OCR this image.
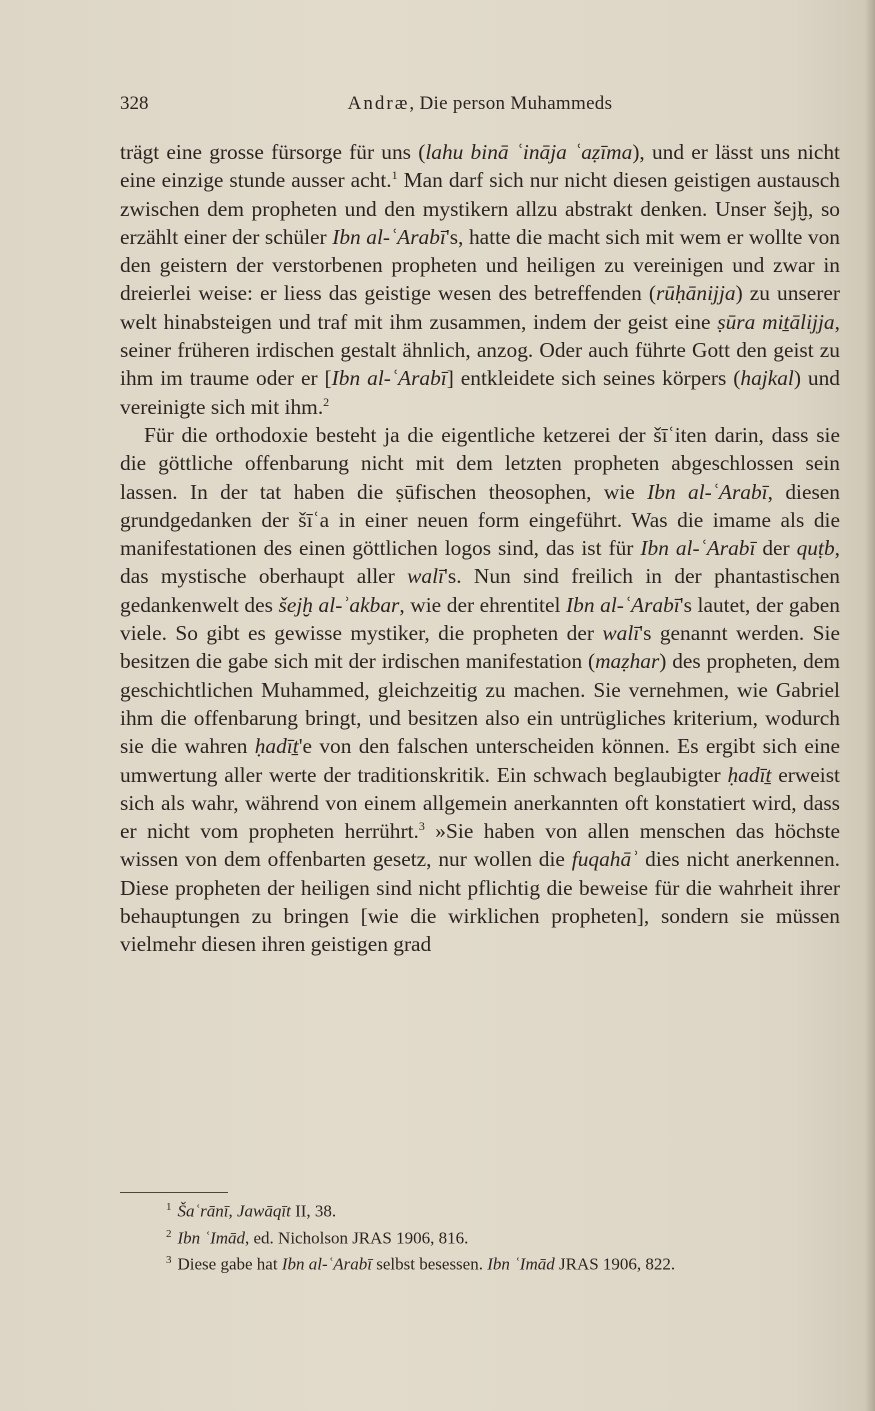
328	Andræ, Die person Muhammeds

trägt eine grosse fürsorge für uns (lahu binā ʿināja ʿaẓīma), und er lässt uns nicht eine einzige stunde ausser acht.$^1$ Man darf sich nur nicht diesen geistigen austausch zwischen dem propheten und den mystikern allzu abstrakt denken. Unser šejḫ, so erzählt einer der schüler Ibn al-ʿArabī's, hatte die macht sich mit wem er wollte von den geistern der verstorbenen propheten und heiligen zu vereinigen und zwar in dreierlei weise: er liess das geistige wesen des betreffenden (rūḥānijja) zu unserer welt hinabsteigen und traf mit ihm zusammen, indem der geist eine ṣūra miṯālijja, seiner früheren irdischen gestalt ähnlich, anzog. Oder auch führte Gott den geist zu ihm im traume oder er [Ibn al-ʿArabī] entkleidete sich seines körpers (hajkal) und vereinigte sich mit ihm.$^2$

Für die orthodoxie besteht ja die eigentliche ketzerei der šīʿiten darin, dass sie die göttliche offenbarung nicht mit dem letzten propheten abgeschlossen sein lassen. In der tat haben die ṣūfischen theosophen, wie Ibn al-ʿArabī, diesen grundgedanken der šīʿa in einer neuen form eingeführt. Was die imame als die manifestationen des einen göttlichen logos sind, das ist für Ibn al-ʿArabī der quṭb, das mystische oberhaupt aller walī's. Nun sind freilich in der phantastischen gedankenwelt des šejḫ al-ʾakbar, wie der ehrentitel Ibn al-ʿArabī's lautet, der gaben viele. So gibt es gewisse mystiker, die propheten der walī's genannt werden. Sie besitzen die gabe sich mit der irdischen manifestation (maẓhar) des propheten, dem geschichtlichen Muhammed, gleichzeitig zu machen. Sie vernehmen, wie Gabriel ihm die offenbarung bringt, und besitzen also ein untrügliches kriterium, wodurch sie die wahren ḥadīṯ'e von den falschen unterscheiden können. Es ergibt sich eine umwertung aller werte der traditionskritik. Ein schwach beglaubigter ḥadīṯ erweist sich als wahr, während von einem allgemein anerkannten oft konstatiert wird, dass er nicht vom propheten herrührt.$^3$ »Sie haben von allen menschen das höchste wissen von dem offenbarten gesetz, nur wollen die fuqahāʾ dies nicht anerkennen. Diese propheten der heiligen sind nicht pflichtig die beweise für die wahrheit ihrer behauptungen zu bringen [wie die wirklichen propheten], sondern sie müssen vielmehr diesen ihren geistigen grad

$^1$ Šaʿrānī, Jawāqīt II, 38.

$^2$ Ibn ʿImād, ed. Nicholson JRAS 1906, 816.

$^3$ Diese gabe hat Ibn al-ʿArabī selbst besessen. Ibn ʿImād JRAS 1906, 822.
